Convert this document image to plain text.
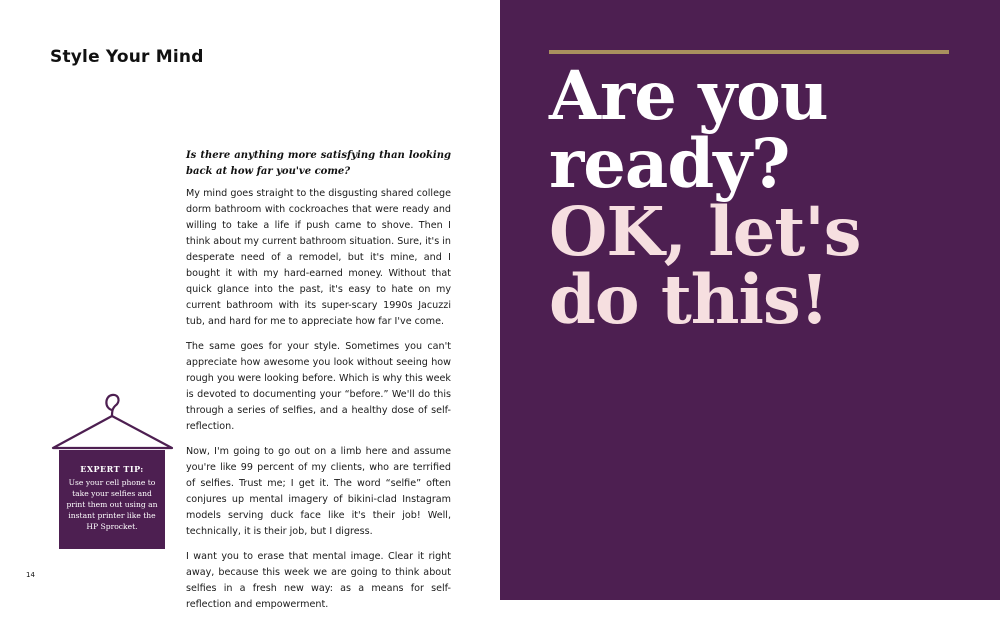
Style Your Mind

Is there anything more satisfying than looking back at how far you've come?

My mind goes straight to the disgusting shared college dorm bathroom with cockroaches that were ready and willing to take a life if push came to shove. Then I think about my current bathroom situation. Sure, it's in desperate need of a remodel, but it's mine, and I bought it with my hard-earned money. Without that quick glance into the past, it's easy to hate on my current bathroom with its super-scary 1990s Jacuzzi tub, and hard for me to appreciate how far I've come.

The same goes for your style. Sometimes you can't appreciate how awesome you look without seeing how rough you were looking before. Which is why this week is devoted to documenting your “before.” We'll do this through a series of selfies, and a healthy dose of self-reflection.

Now, I'm going to go out on a limb here and assume you're like 99 percent of my clients, who are terrified of selfies. Trust me; I get it. The word “selfie” often conjures up mental imagery of bikini-clad Instagram models serving duck face like it's their job! Well, technically, it is their job, but I digress.

I want you to erase that mental image. Clear it right away, because this week we are going to think about selfies in a fresh new way: as a means for self-reflection and empowerment.

EXPERT TIP:
Use your cell phone to take your selfies and print them out using an instant printer like the HP Sprocket.
14
Are you
ready?
OK, let's
do this!
